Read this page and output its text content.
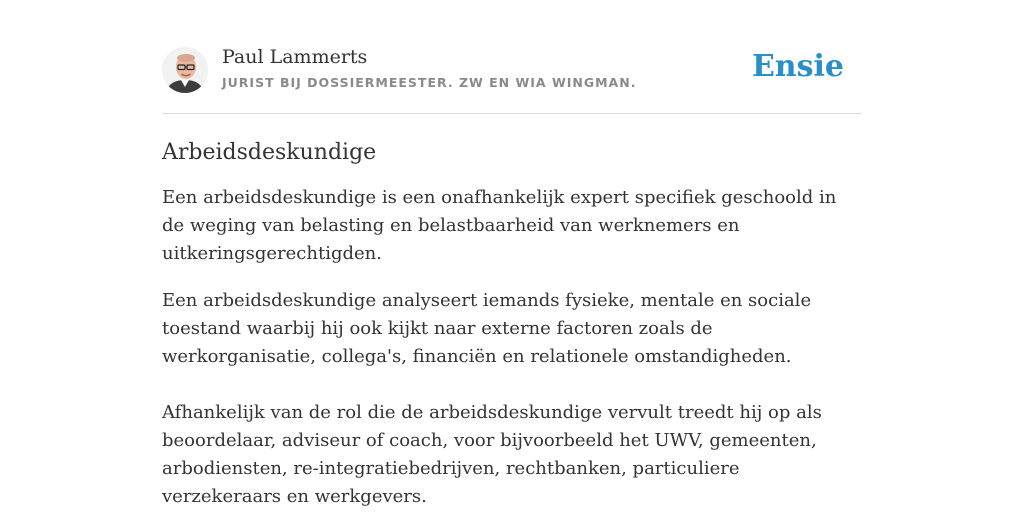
Paul Lammerts
JURIST BIJ DOSSIERMEESTER. ZW EN WIA WINGMAN.	Ensie
Arbeidsdeskundige

Een arbeidsdeskundige is een onafhankelijk expert specifiek geschoold in de weging van belasting en belastbaarheid van werknemers en uitkeringsgerechtigden.

Een arbeidsdeskundige analyseert iemands fysieke, mentale en sociale toestand waarbij hij ook kijkt naar externe factoren zoals de werkorganisatie, collega's, financiën en relationele omstandigheden.

Afhankelijk van de rol die de arbeidsdeskundige vervult treedt hij op als beoordelaar, adviseur of coach, voor bijvoorbeeld het UWV, gemeenten, arbodiensten, re-integratiebedrijven, rechtbanken, particuliere verzekeraars en werkgevers.
